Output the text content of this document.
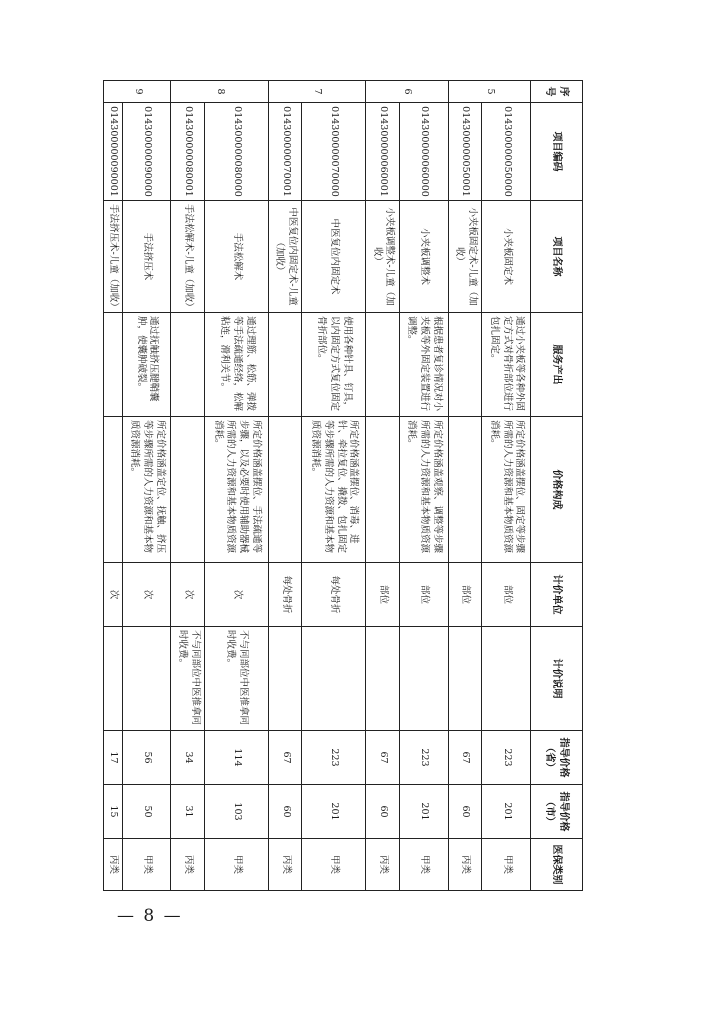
序号	项目编码	项目名称	服务产出	价格构成	计价单位	计价说明	指导价格（省）	指导价格（市）	医保类别
5	014300000050000	小夹板固定术	通过小夹板等各种外固定方式对骨折部位进行包扎固定。	所定价格涵盖摆位、固定等步骤所需的人力资源和基本物质资源消耗。	部位		223	201	甲类
	014300000050001	小夹板固定术-儿童（加收）			部位		67	60	丙类
6	014300000060000	小夹板调整术	根据患者复诊情况对小夹板等外固定装置进行调整。	所定价格涵盖观察、调整等步骤所需的人力资源和基本物质资源消耗。	部位		223	201	甲类
	014300000060001	小夹板调整术-儿童（加收）			部位		67	60	丙类
7	014300000070000	中医复位内固定术	使用各种针具、钉具，以内固定方式复位固定骨折部位。	所定价格涵盖摆位、消毒、进针、牵拉复位、撬拨、包扎固定等步骤所需的人力资源和基本物质资源消耗。	每处骨折		223	201	甲类
	014300000070001	中医复位内固定术-儿童（加收）			每处骨折		67	60	丙类
8	014300000080000	手法松解术	通过理筋、松筋、弹拨等手法疏通经络，松解粘连，滑利关节。	所定价格涵盖摆位、手法疏通等步骤，以及必要时使用辅助器械所需的人力资源和基本物质资源消耗。	次	不与同部位中医推拿同时收费。	114	103	甲类
	014300000080001	手法松解术-儿童（加收）			次	不与同部位中医推拿同时收费。	34	31	丙类
9	014300000090000	手法挤压术	通过抚触挤压腱鞘囊肿，使囊肿破裂。	所定价格涵盖定位、抚触、挤压等步骤所需的人力资源和基本物质资源消耗。	次		56	50	甲类
	014300000090001	手法挤压术-儿童（加收）			次		17	15	丙类
— 8 —
